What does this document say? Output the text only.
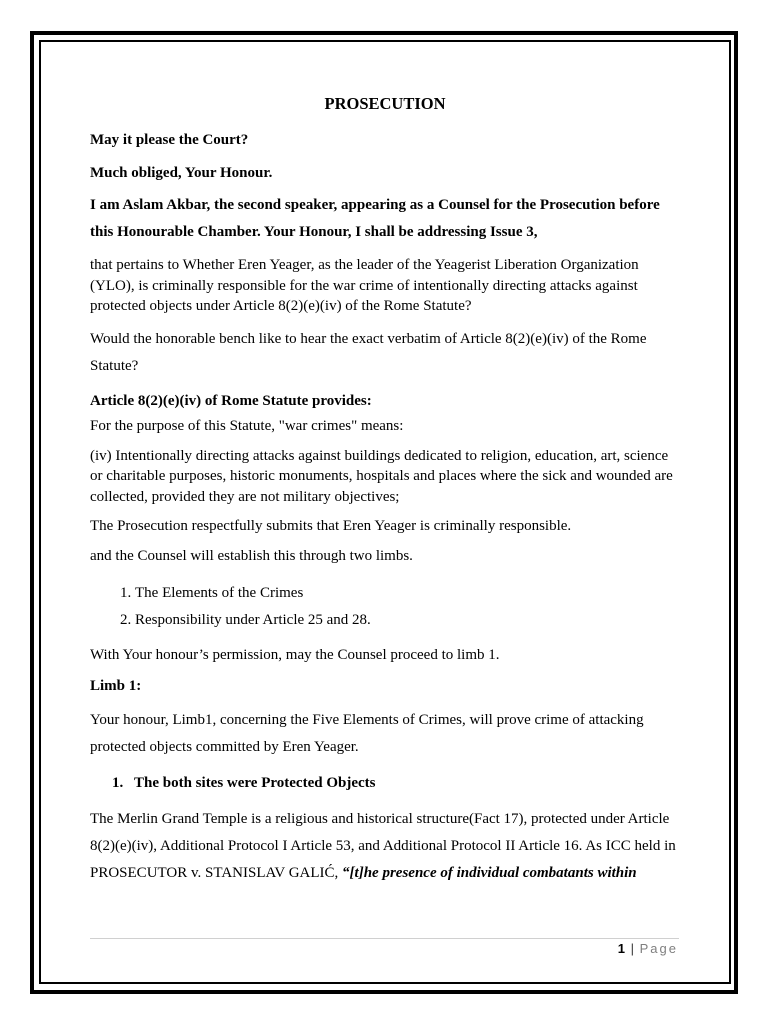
PROSECUTION

May it please the Court?

Much obliged, Your Honour.

I am Aslam Akbar, the second speaker, appearing as a Counsel for the Prosecution before this Honourable Chamber. Your Honour, I shall be addressing Issue 3,

that pertains to Whether Eren Yeager, as the leader of the Yeagerist Liberation Organization (YLO), is criminally responsible for the war crime of intentionally directing attacks against protected objects under Article 8(2)(e)(iv) of the Rome Statute?

Would the honorable bench like to hear the exact verbatim of Article 8(2)(e)(iv) of the Rome Statute?

Article 8(2)(e)(iv) of Rome Statute provides:

For the purpose of this Statute, "war crimes" means:

(iv) Intentionally directing attacks against buildings dedicated to religion, education, art, science or charitable purposes, historic monuments, hospitals and places where the sick and wounded are collected, provided they are not military objectives;

The Prosecution respectfully submits that Eren Yeager is criminally responsible.

and the Counsel will establish this through two limbs.

1. The Elements of the Crimes
2. Responsibility under Article 25 and 28.

With Your honour’s permission, may the Counsel proceed to limb 1.

Limb 1:

Your honour, Limb1, concerning the Five Elements of Crimes, will prove crime of attacking protected objects committed by Eren Yeager.

1. The both sites were Protected Objects

The Merlin Grand Temple is a religious and historical structure(Fact 17), protected under Article 8(2)(e)(iv), Additional Protocol I Article 53, and Additional Protocol II Article 16. As ICC held in PROSECUTOR v. STANISLAV GALIĆ, “[t]he presence of individual combatants within

1 | Page
